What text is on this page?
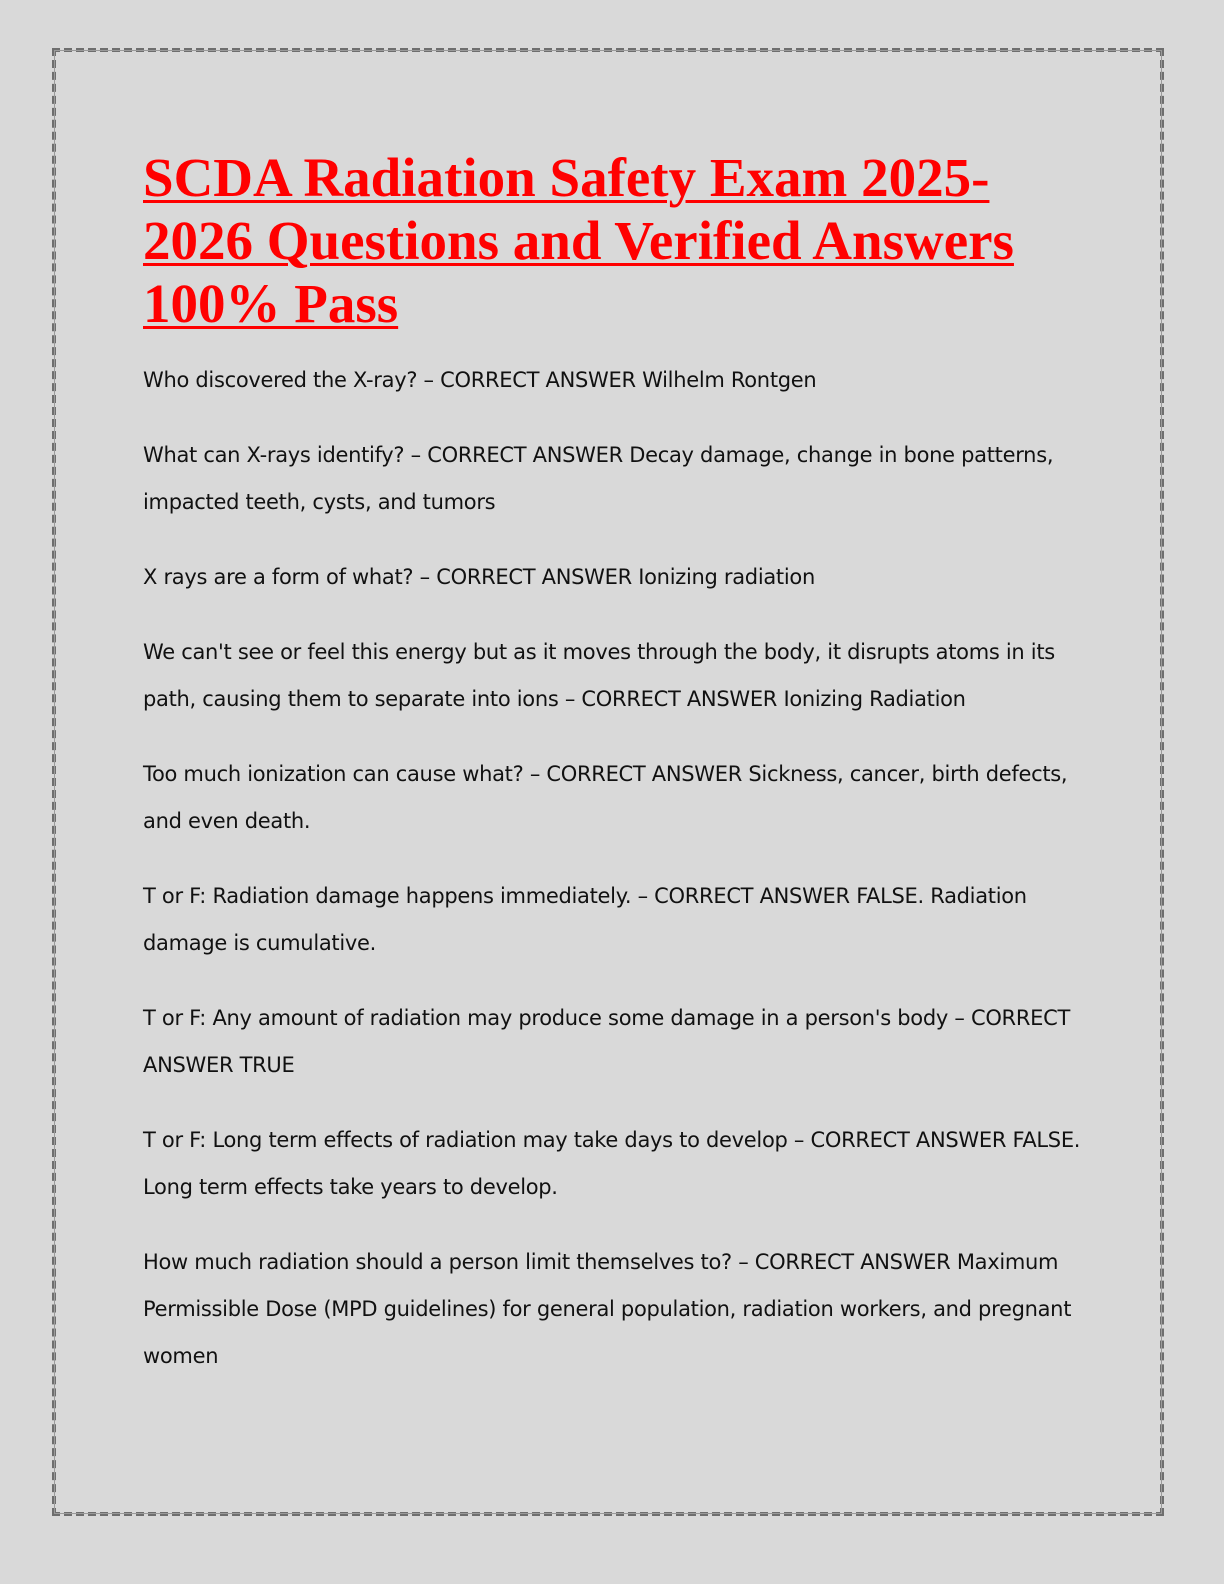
SCDA Radiation Safety Exam 2025-2026 Questions and Verified Answers 100% Pass

Who discovered the X-ray? – CORRECT ANSWER Wilhelm Rontgen

What can X-rays identify? – CORRECT ANSWER Decay damage, change in bone patterns, impacted teeth, cysts, and tumors

X rays are a form of what? – CORRECT ANSWER Ionizing radiation

We can't see or feel this energy but as it moves through the body, it disrupts atoms in its path, causing them to separate into ions – CORRECT ANSWER Ionizing Radiation

Too much ionization can cause what? – CORRECT ANSWER Sickness, cancer, birth defects, and even death.

T or F: Radiation damage happens immediately. – CORRECT ANSWER FALSE. Radiation damage is cumulative.

T or F: Any amount of radiation may produce some damage in a person's body – CORRECT ANSWER TRUE

T or F: Long term effects of radiation may take days to develop – CORRECT ANSWER FALSE. Long term effects take years to develop.

How much radiation should a person limit themselves to? – CORRECT ANSWER Maximum Permissible Dose (MPD guidelines) for general population, radiation workers, and pregnant women
